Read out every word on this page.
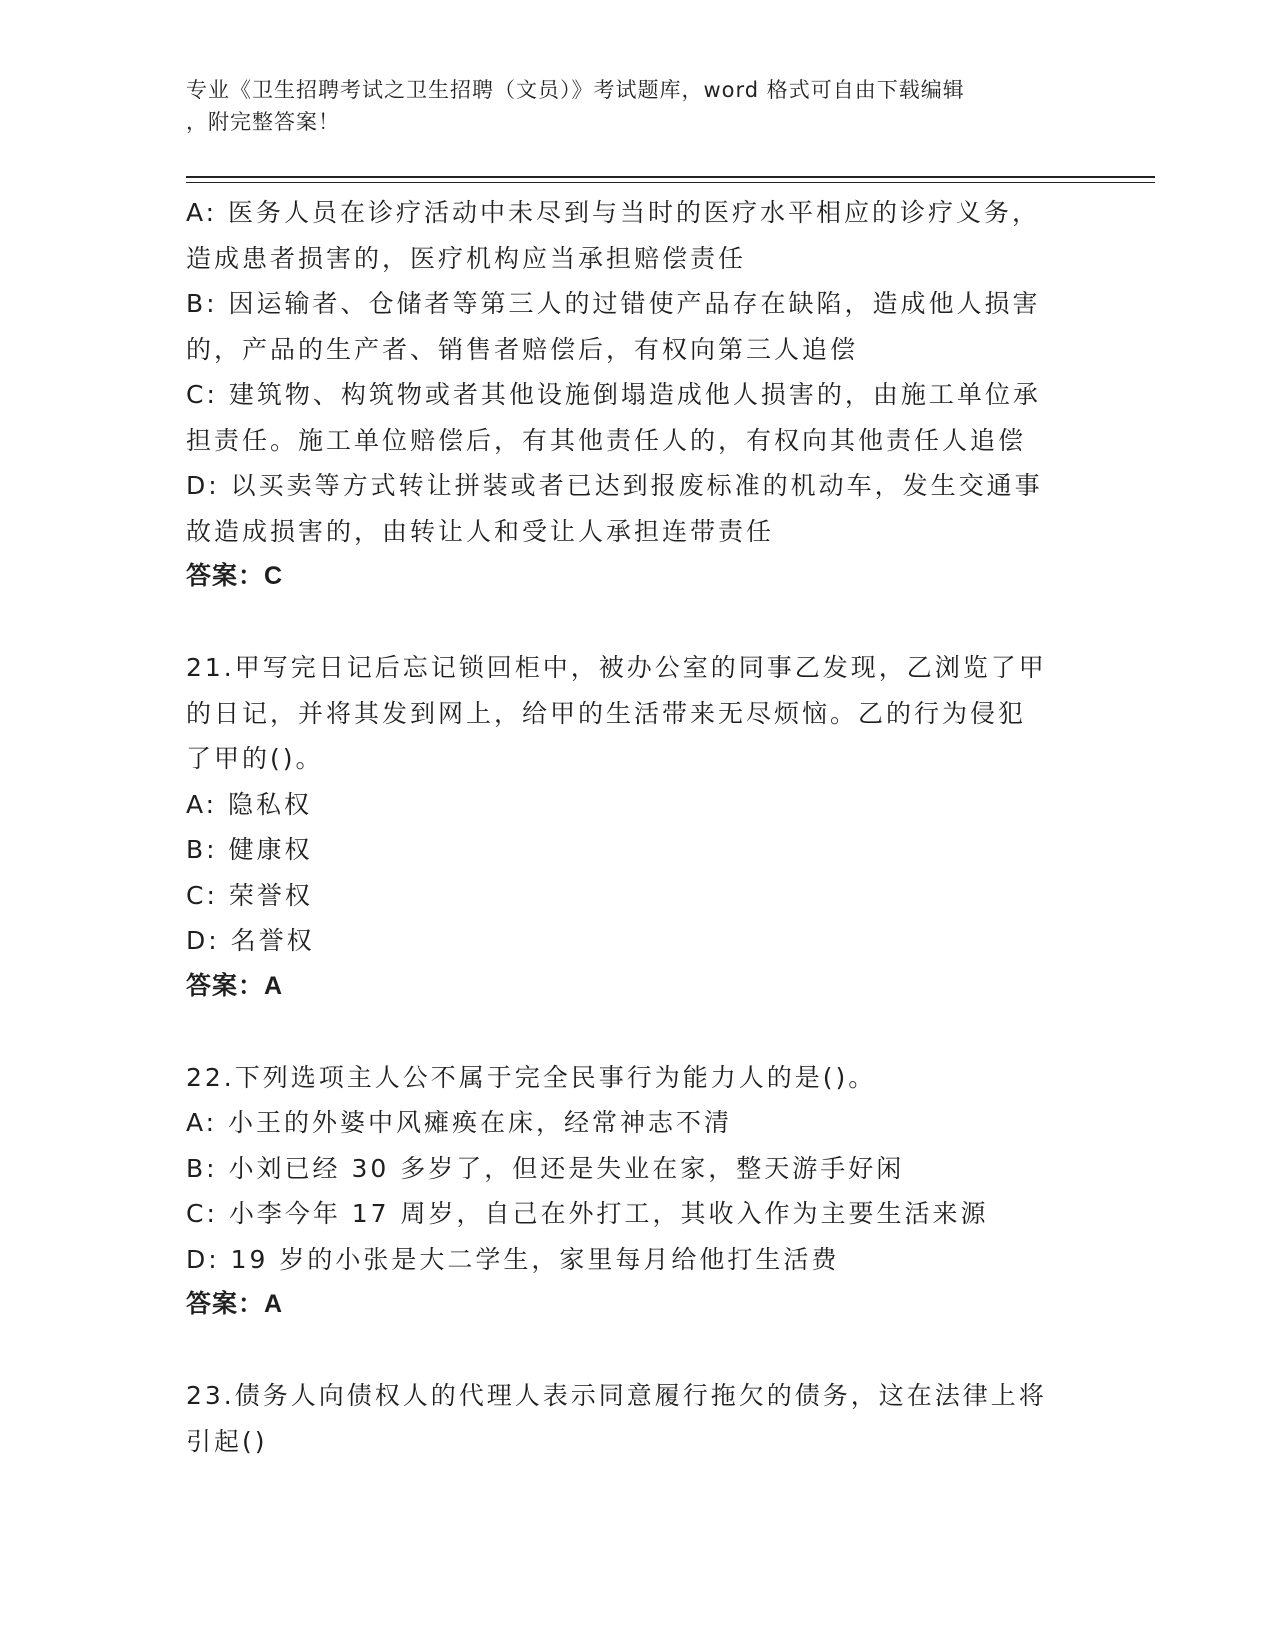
专业《卫生招聘考试之卫生招聘（文员）》考试题库，word 格式可自由下载编辑
，附完整答案！
A: 医务人员在诊疗活动中未尽到与当时的医疗水平相应的诊疗义务，
造成患者损害的，医疗机构应当承担赔偿责任
B: 因运输者、仓储者等第三人的过错使产品存在缺陷，造成他人损害
的，产品的生产者、销售者赔偿后，有权向第三人追偿
C: 建筑物、构筑物或者其他设施倒塌造成他人损害的，由施工单位承
担责任。施工单位赔偿后，有其他责任人的，有权向其他责任人追偿
D: 以买卖等方式转让拼装或者已达到报废标准的机动车，发生交通事
故造成损害的，由转让人和受让人承担连带责任
答案：C
21.甲写完日记后忘记锁回柜中，被办公室的同事乙发现，乙浏览了甲
的日记，并将其发到网上，给甲的生活带来无尽烦恼。乙的行为侵犯
了甲的()。
A: 隐私权
B: 健康权
C: 荣誉权
D: 名誉权
答案：A
22.下列选项主人公不属于完全民事行为能力人的是()。
A: 小王的外婆中风瘫痪在床，经常神志不清
B: 小刘已经 30 多岁了，但还是失业在家，整天游手好闲
C: 小李今年 17 周岁，自己在外打工，其收入作为主要生活来源
D: 19 岁的小张是大二学生，家里每月给他打生活费
答案：A
23.债务人向债权人的代理人表示同意履行拖欠的债务，这在法律上将
引起()
